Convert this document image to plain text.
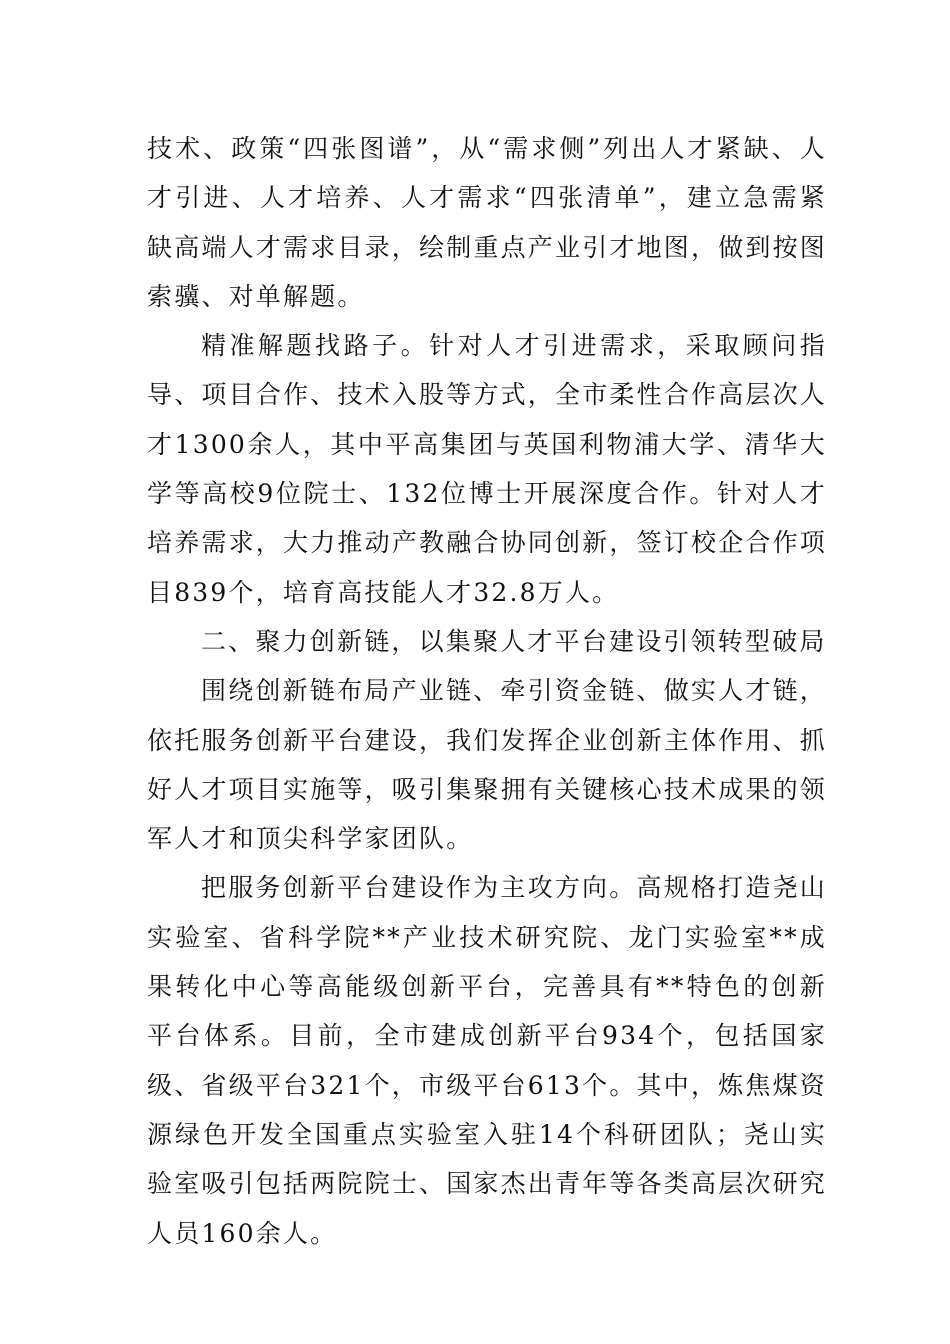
技术、政策“四张图谱”，从“需求侧”列出人才紧缺、人才引进、人才培养、人才需求“四张清单”，建立急需紧缺高端人才需求目录，绘制重点产业引才地图，做到按图索骥、对单解题。

精准解题找路子。针对人才引进需求，采取顾问指导、项目合作、技术入股等方式，全市柔性合作高层次人才1300余人，其中平高集团与英国利物浦大学、清华大学等高校9位院士、132位博士开展深度合作。针对人才培养需求，大力推动产教融合协同创新，签订校企合作项目839个，培育高技能人才32.8万人。

二、聚力创新链，以集聚人才平台建设引领转型破局

围绕创新链布局产业链、牵引资金链、做实人才链，依托服务创新平台建设，我们发挥企业创新主体作用、抓好人才项目实施等，吸引集聚拥有关键核心技术成果的领军人才和顶尖科学家团队。

把服务创新平台建设作为主攻方向。高规格打造尧山实验室、省科学院**产业技术研究院、龙门实验室**成果转化中心等高能级创新平台，完善具有**特色的创新平台体系。目前，全市建成创新平台934个，包括国家级、省级平台321个，市级平台613个。其中，炼焦煤资源绿色开发全国重点实验室入驻14个科研团队；尧山实验室吸引包括两院院士、国家杰出青年等各类高层次研究人员160余人。
